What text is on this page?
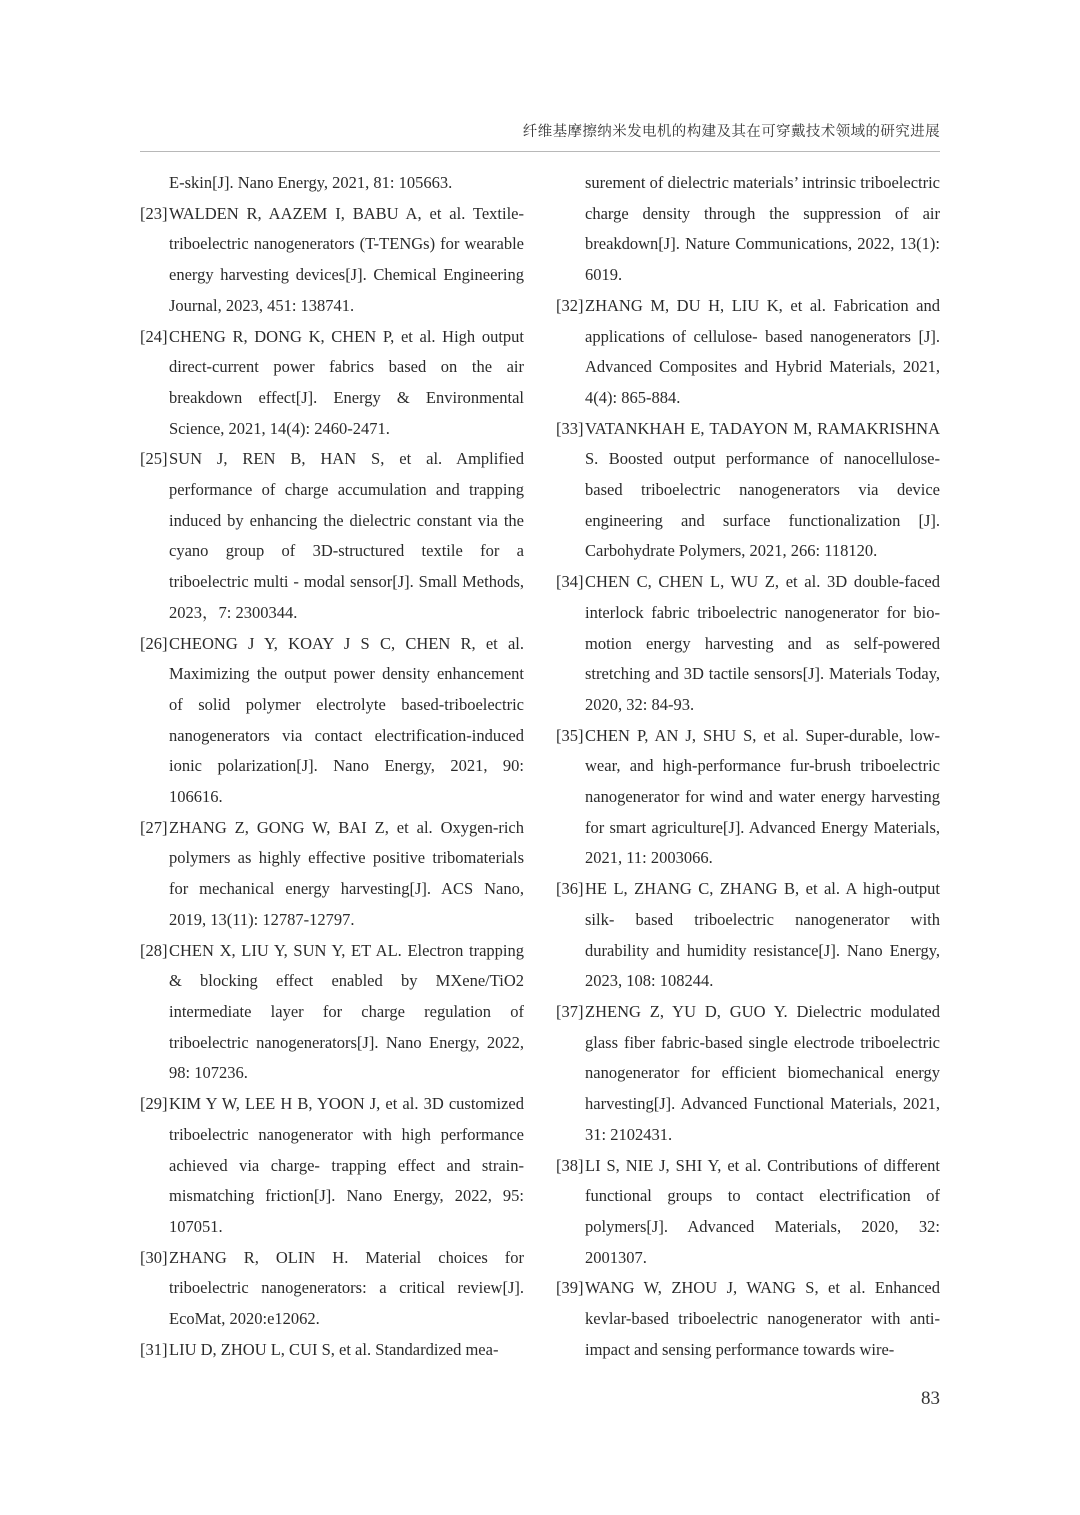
纤维基摩擦纳米发电机的构建及其在可穿戴技术领域的研究进展

E-skin[J]. Nano Energy, 2021, 81: 105663.

[23] WALDEN R, AAZEM I, BABU A, et al. Textile-triboelectric nanogenerators (T-TENGs) for wearable energy harvesting devices[J]. Chemical Engineering Journal, 2023, 451: 138741.

[24] CHENG R, DONG K, CHEN P, et al. High output direct-current power fabrics based on the air breakdown effect[J]. Energy & Environmental Science, 2021, 14(4): 2460-2471.

[25] SUN J, REN B, HAN S, et al. Amplified performance of charge accumulation and trapping induced by enhancing the dielectric constant via the cyano group of 3D-structured textile for a triboelectric multi - modal sensor[J]. Small Methods, 2023，7: 2300344.

[26] CHEONG J Y, KOAY J S C, CHEN R, et al. Maximizing the output power density enhancement of solid polymer electrolyte based-triboelectric nanogenerators via contact electrification-induced ionic polarization[J]. Nano Energy, 2021, 90: 106616.

[27] ZHANG Z, GONG W, BAI Z, et al. Oxygen-rich polymers as highly effective positive tribomaterials for mechanical energy harvesting[J]. ACS Nano, 2019, 13(11): 12787-12797.

[28] CHEN X, LIU Y, SUN Y, ET AL. Electron trapping & blocking effect enabled by MXene/TiO2 intermediate layer for charge regulation of triboelectric nanogenerators[J]. Nano Energy, 2022, 98: 107236.

[29] KIM Y W, LEE H B, YOON J, et al. 3D customized triboelectric nanogenerator with high performance achieved via charge- trapping effect and strain- mismatching friction[J]. Nano Energy, 2022, 95: 107051.

[30] ZHANG R, OLIN H. Material choices for triboelectric nanogenerators: a critical review[J]. EcoMat, 2020:e12062.

[31] LIU D, ZHOU L, CUI S, et al. Standardized mea-

surement of dielectric materials’ intrinsic triboelectric charge density through the suppression of air breakdown[J]. Nature Communications, 2022, 13(1): 6019.

[32] ZHANG M, DU H, LIU K, et al. Fabrication and applications of cellulose- based nanogenerators [J]. Advanced Composites and Hybrid Materials, 2021, 4(4): 865-884.

[33] VATANKHAH E, TADAYON M, RAMAKRISHNA S. Boosted output performance of nanocellulose- based triboelectric nanogenerators via device engineering and surface functionalization [J]. Carbohydrate Polymers, 2021, 266: 118120.

[34] CHEN C, CHEN L, WU Z, et al. 3D double-faced interlock fabric triboelectric nanogenerator for bio- motion energy harvesting and as self-powered stretching and 3D tactile sensors[J]. Materials Today, 2020, 32: 84-93.

[35] CHEN P, AN J, SHU S, et al. Super-durable, low-wear, and high-performance fur-brush triboelectric nanogenerator for wind and water energy harvesting for smart agriculture[J]. Advanced Energy Materials, 2021, 11: 2003066.

[36] HE L, ZHANG C, ZHANG B, et al. A high-output silk- based triboelectric nanogenerator with durability and humidity resistance[J]. Nano Energy, 2023, 108: 108244.

[37] ZHENG Z, YU D, GUO Y. Dielectric modulated glass fiber fabric-based single electrode triboelectric nanogenerator for efficient biomechanical energy harvesting[J]. Advanced Functional Materials, 2021, 31: 2102431.

[38] LI S, NIE J, SHI Y, et al. Contributions of different functional groups to contact electrification of polymers[J]. Advanced Materials, 2020, 32: 2001307.

[39] WANG W, ZHOU J, WANG S, et al. Enhanced kevlar-based triboelectric nanogenerator with anti-impact and sensing performance towards wire-

83
